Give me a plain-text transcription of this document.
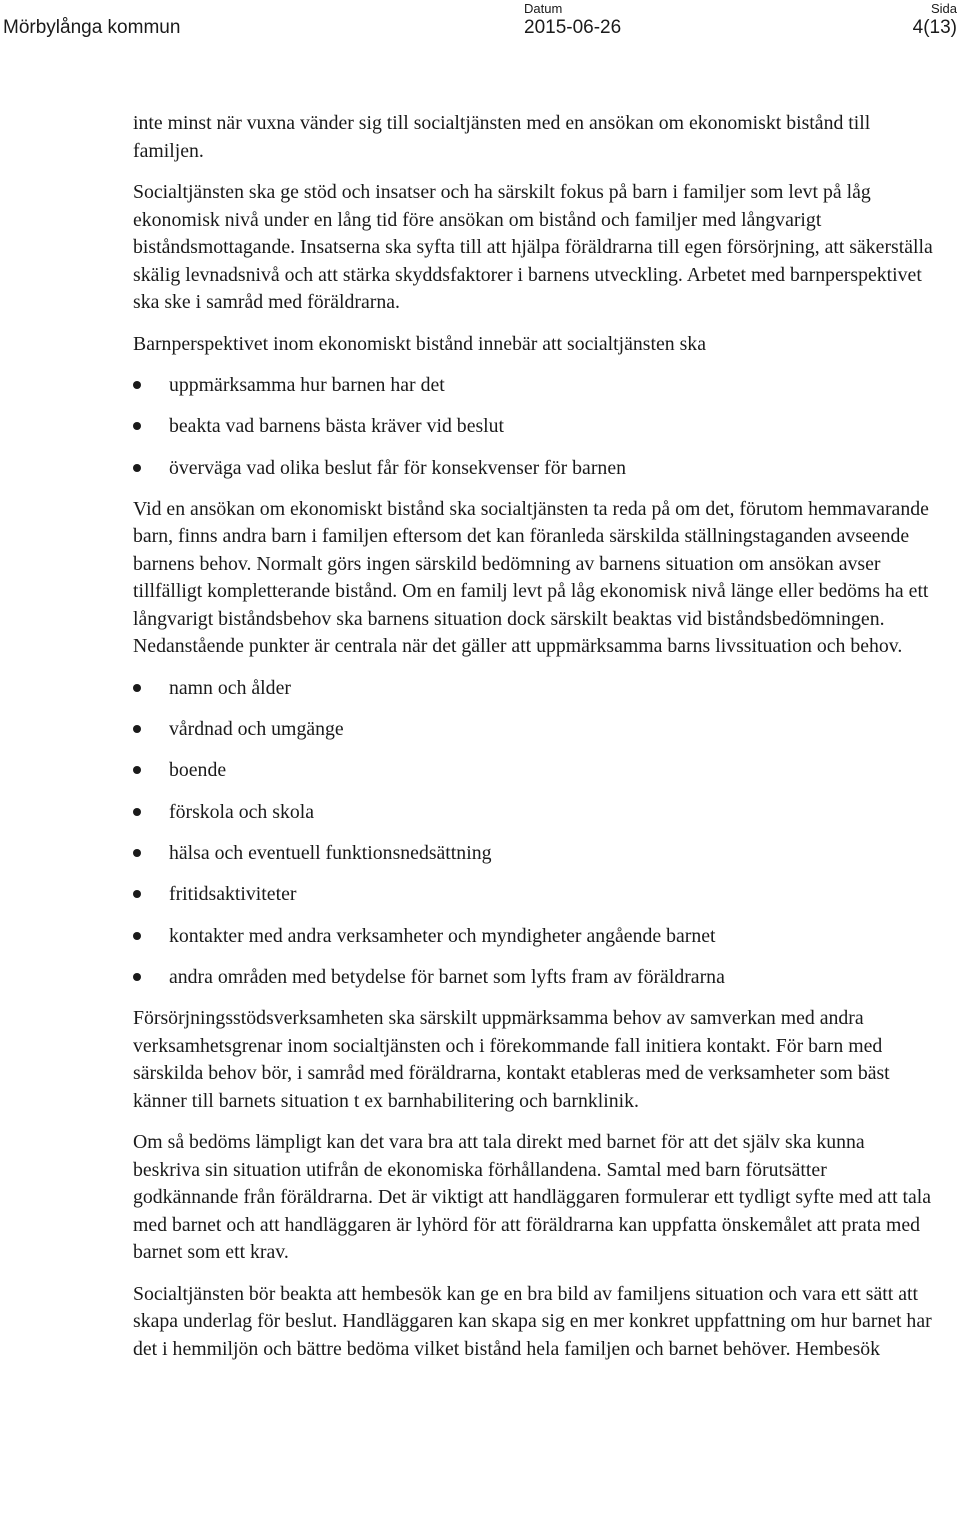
Mörbylånga kommun
Datum
2015-06-26
Sida
4(13)

inte minst när vuxna vänder sig till socialtjänsten med en ansökan om ekonomiskt bistånd till familjen.

Socialtjänsten ska ge stöd och insatser och ha särskilt fokus på barn i familjer som levt på låg ekonomisk nivå under en lång tid före ansökan om bistånd och familjer med långvarigt biståndsmottagande. Insatserna ska syfta till att hjälpa föräldrarna till egen försörjning, att säkerställa skälig levnadsnivå och att stärka skyddsfaktorer i barnens utveckling. Arbetet med barnperspektivet ska ske i samråd med föräldrarna.

Barnperspektivet inom ekonomiskt bistånd innebär att socialtjänsten ska

uppmärksamma hur barnen har det
beakta vad barnens bästa kräver vid beslut
överväga vad olika beslut får för konsekvenser för barnen

Vid en ansökan om ekonomiskt bistånd ska socialtjänsten ta reda på om det, förutom hemmavarande barn, finns andra barn i familjen eftersom det kan föranleda särskilda ställningstaganden avseende barnens behov. Normalt görs ingen särskild bedömning av barnens situation om ansökan avser tillfälligt kompletterande bistånd. Om en familj levt på låg ekonomisk nivå länge eller bedöms ha ett långvarigt biståndsbehov ska barnens situation dock särskilt beaktas vid biståndsbedömningen. Nedanstående punkter är centrala när det gäller att uppmärksamma barns livssituation och behov.

namn och ålder
vårdnad och umgänge
boende
förskola och skola
hälsa och eventuell funktionsnedsättning
fritidsaktiviteter
kontakter med andra verksamheter och myndigheter angående barnet
andra områden med betydelse för barnet som lyfts fram av föräldrarna

Försörjningsstödsverksamheten ska särskilt uppmärksamma behov av samverkan med andra verksamhetsgrenar inom socialtjänsten och i förekommande fall initiera kontakt. För barn med särskilda behov bör, i samråd med föräldrarna, kontakt etableras med de verksamheter som bäst känner till barnets situation t ex barnhabilitering och barnklinik.

Om så bedöms lämpligt kan det vara bra att tala direkt med barnet för att det själv ska kunna beskriva sin situation utifrån de ekonomiska förhållandena. Samtal med barn förutsätter godkännande från föräldrarna. Det är viktigt att handläggaren formulerar ett tydligt syfte med att tala med barnet och att handläggaren är lyhörd för att föräldrarna kan uppfatta önskemålet att prata med barnet som ett krav.

Socialtjänsten bör beakta att hembesök kan ge en bra bild av familjens situation och vara ett sätt att skapa underlag för beslut. Handläggaren kan skapa sig en mer konkret uppfattning om hur barnet har det i hemmiljön och bättre bedöma vilket bistånd hela familjen och barnet behöver. Hembesök
